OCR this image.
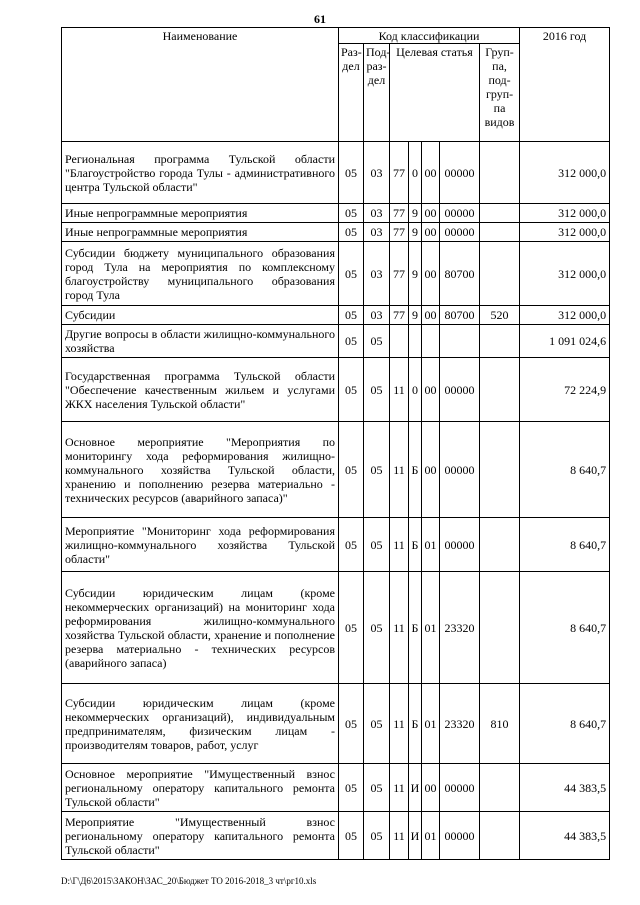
61
Наименование	Код классификации							2016 год
	Раз-дел	Под-раз-дел	Целевая статья				Груп-па, под-груп-па видов	
Региональная программа Тульской области "Благоустройство города Тулы - административного центра Тульской области"	05	03	77	0	00	00000		312 000,0
Иные непрограммные мероприятия	05	03	77	9	00	00000		312 000,0
Иные непрограммные мероприятия	05	03	77	9	00	00000		312 000,0
Субсидии бюджету муниципального образования город Тула на мероприятия по комплексному благоустройству муниципального образования город Тула	05	03	77	9	00	80700		312 000,0
Субсидии	05	03	77	9	00	80700	520	312 000,0
Другие вопросы в области жилищно-коммунального хозяйства	05	05						1 091 024,6
Государственная программа Тульской области "Обеспечение качественным жильем и услугами ЖКХ населения Тульской области"	05	05	11	0	00	00000		72 224,9
Основное мероприятие "Мероприятия по мониторингу хода реформирования жилищно-коммунального хозяйства Тульской области, хранению и пополнению резерва материально - технических ресурсов (аварийного запаса)"	05	05	11	Б	00	00000		8 640,7
Мероприятие "Мониторинг хода реформирования жилищно-коммунального хозяйства Тульской области"	05	05	11	Б	01	00000		8 640,7
Субсидии юридическим лицам (кроме некоммерческих организаций) на мониторинг хода реформирования жилищно-коммунального хозяйства Тульской области, хранение и пополнение резерва материально - технических ресурсов (аварийного запаса)	05	05	11	Б	01	23320		8 640,7
Субсидии юридическим лицам (кроме некоммерческих организаций), индивидуальным предпринимателям, физическим лицам - производителям товаров, работ, услуг	05	05	11	Б	01	23320	810	8 640,7
Основное мероприятие "Имущественный взнос региональному оператору капитального ремонта Тульской области"	05	05	11	И	00	00000		44 383,5
Мероприятие "Имущественный взнос региональному оператору капитального ремонта Тульской области"	05	05	11	И	01	00000		44 383,5
D:\Г\Д6\2015\ЗАКОН\ЗАС_20\Бюджет ТО 2016-2018_3 чт\рг10.xls
